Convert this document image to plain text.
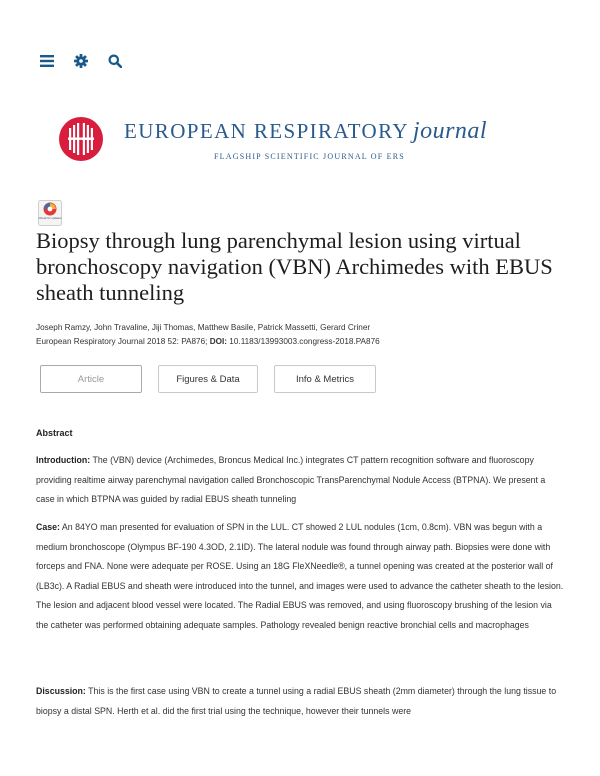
EUROPEAN RESPIRATORY journal
FLAGSHIP SCIENTIFIC JOURNAL OF ERS
Check for updates
Biopsy through lung parenchymal lesion using virtual bronchoscopy navigation (VBN) Archimedes with EBUS sheath tunneling
Joseph Ramzy, John Travaline, Jiji Thomas, Matthew Basile, Patrick Massetti, Gerard Criner
European Respiratory Journal 2018 52: PA876; DOI: 10.1183/13993003.congress-2018.PA876
Article	Figures & Data	Info & Metrics
Abstract

Introduction: The (VBN) device (Archimedes, Broncus Medical Inc.) integrates CT pattern recognition software and fluoroscopy providing realtime airway parenchymal navigation called Bronchoscopic TransParenchymal Nodule Access (BTPNA). We present a case in which BTPNA was guided by radial EBUS sheath tunneling

Case: An 84YO man presented for evaluation of SPN in the LUL. CT showed 2 LUL nodules (1cm, 0.8cm). VBN was begun with a medium bronchoscope (Olympus BF-190 4.3OD, 2.1ID). The lateral nodule was found through airway path. Biopsies were done with forceps and FNA. None were adequate per ROSE. Using an 18G FleXNeedle®, a tunnel opening was created at the posterior wall of (LB3c). A Radial EBUS and sheath were introduced into the tunnel, and images were used to advance the catheter sheath to the lesion. The lesion and adjacent blood vessel were located. The Radial EBUS was removed, and using fluoroscopy brushing of the lesion via the catheter was performed obtaining adequate samples. Pathology revealed benign reactive bronchial cells and macrophages

Discussion: This is the first case using VBN to create a tunnel using a radial EBUS sheath (2mm diameter) through the lung tissue to biopsy a distal SPN. Herth et al. did the first trial using the technique, however their tunnels were
